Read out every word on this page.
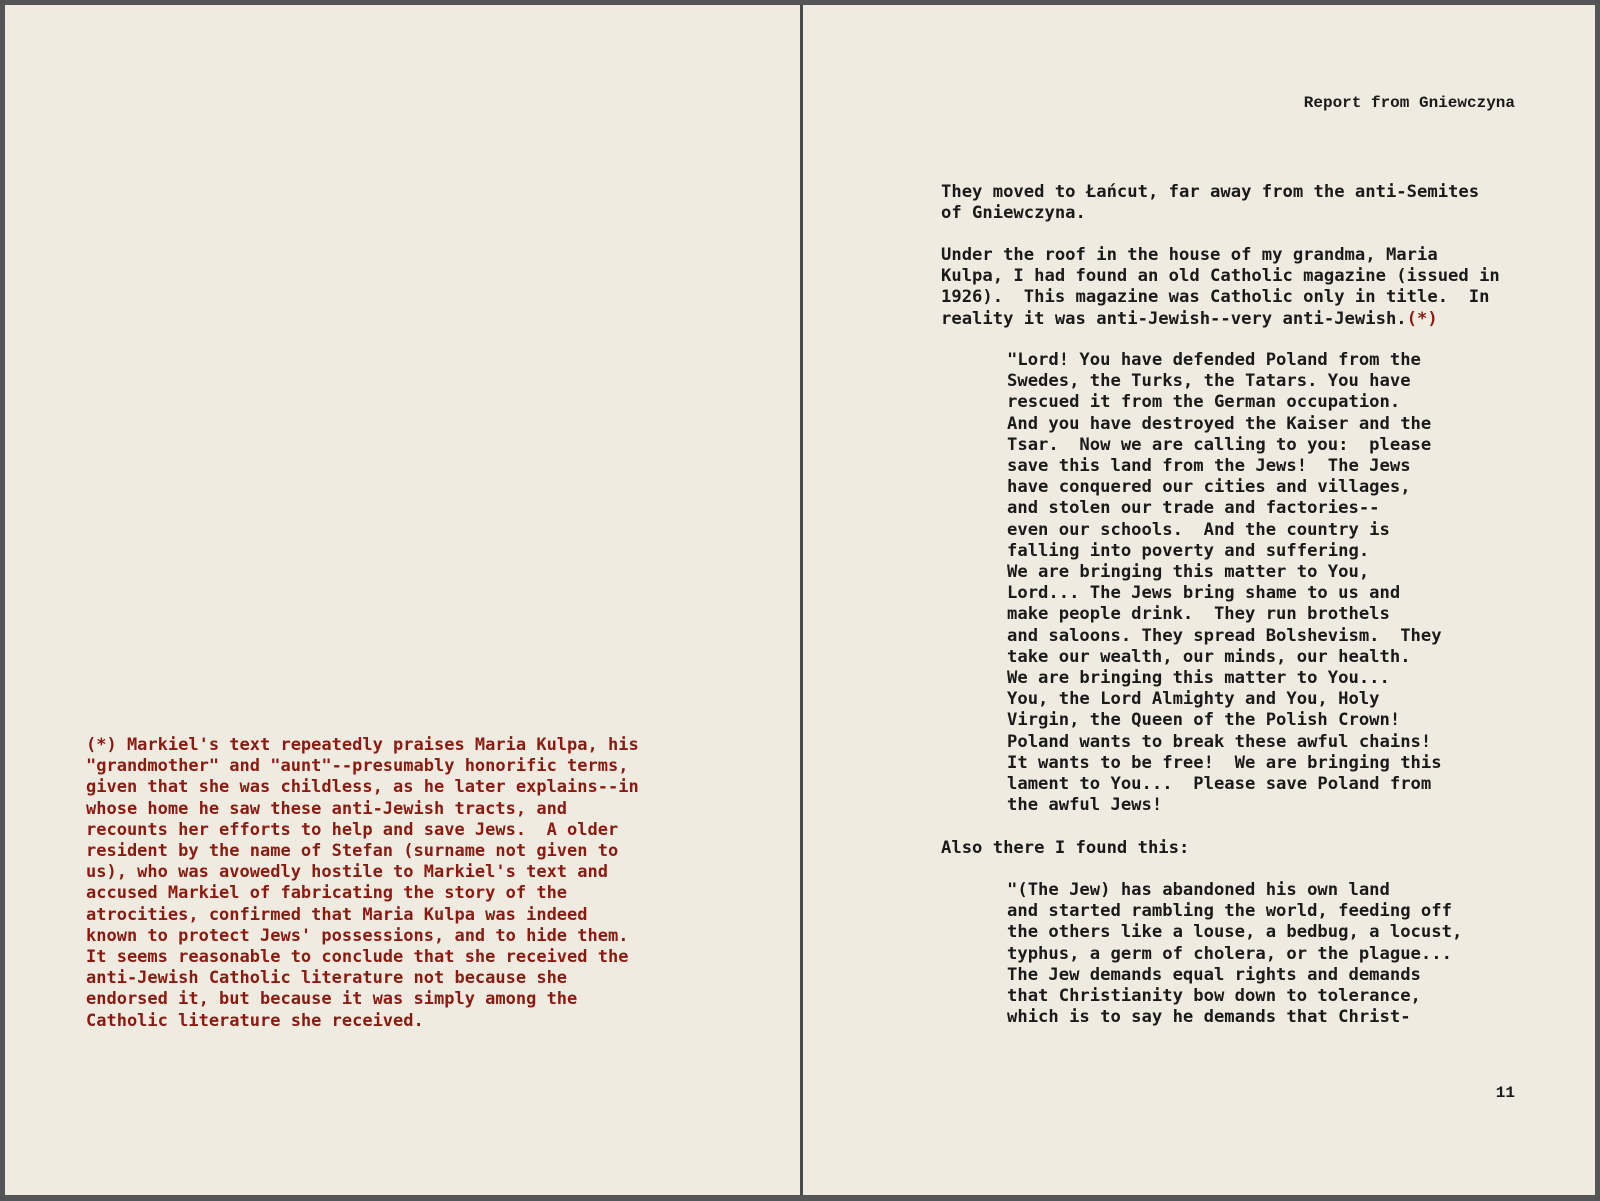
(*) Markiel's text repeatedly praises Maria Kulpa, his
"grandmother" and "aunt"--presumably honorific terms,
given that she was childless, as he later explains--in
whose home he saw these anti-Jewish tracts, and
recounts her efforts to help and save Jews.  A older
resident by the name of Stefan (surname not given to
us), who was avowedly hostile to Markiel's text and
accused Markiel of fabricating the story of the
atrocities, confirmed that Maria Kulpa was indeed
known to protect Jews' possessions, and to hide them.
It seems reasonable to conclude that she received the
anti-Jewish Catholic literature not because she
endorsed it, but because it was simply among the
Catholic literature she received.
Report from Gniewczyna
They moved to Łańcut, far away from the anti-Semites
of Gniewczyna.
Under the roof in the house of my grandma, Maria
Kulpa, I had found an old Catholic magazine (issued in
1926).  This magazine was Catholic only in title.  In
reality it was anti-Jewish--very anti-Jewish.(*)
"Lord! You have defended Poland from the
Swedes, the Turks, the Tatars. You have
rescued it from the German occupation.
And you have destroyed the Kaiser and the
Tsar.  Now we are calling to you:  please
save this land from the Jews!  The Jews
have conquered our cities and villages,
and stolen our trade and factories--
even our schools.  And the country is
falling into poverty and suffering.
We are bringing this matter to You,
Lord... The Jews bring shame to us and
make people drink.  They run brothels
and saloons. They spread Bolshevism.  They
take our wealth, our minds, our health.
We are bringing this matter to You...
You, the Lord Almighty and You, Holy
Virgin, the Queen of the Polish Crown!
Poland wants to break these awful chains!
It wants to be free!  We are bringing this
lament to You...  Please save Poland from
the awful Jews!
Also there I found this:
"(The Jew) has abandoned his own land
and started rambling the world, feeding off
the others like a louse, a bedbug, a locust,
typhus, a germ of cholera, or the plague...
The Jew demands equal rights and demands
that Christianity bow down to tolerance,
which is to say he demands that Christ-
11
